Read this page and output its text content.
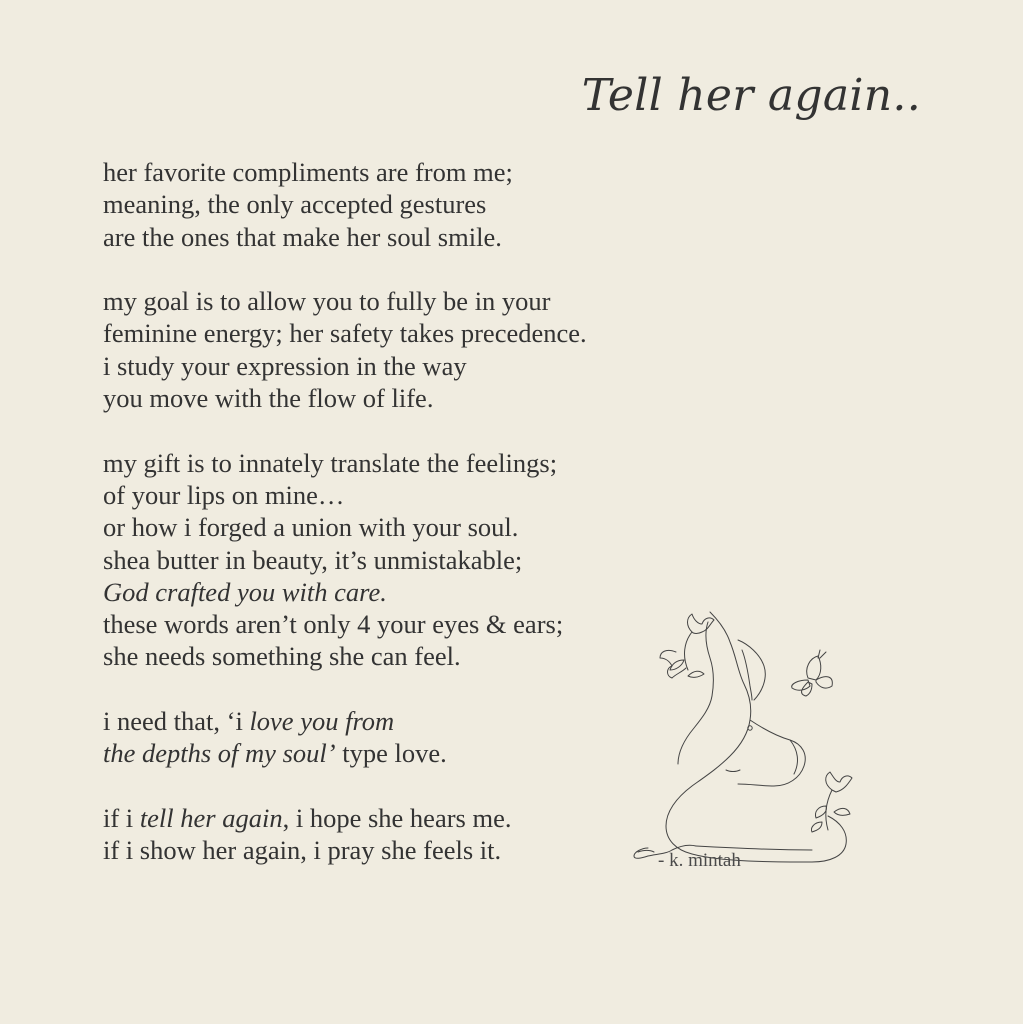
Tell her again..
her favorite compliments are from me;
meaning, the only accepted gestures
are the ones that make her soul smile.
my goal is to allow you to fully be in your
feminine energy; her safety takes precedence.
i study your expression in the way
you move with the flow of life.
my gift is to innately translate the feelings;
of your lips on mine…
or how i forged a union with your soul.
shea butter in beauty, it’s unmistakable;
God crafted you with care.
these words aren’t only 4 your eyes & ears;
she needs something she can feel.
i need that, ‘i love you from
the depths of my soul’ type love.
if i tell her again, i hope she hears me.
if i show her again, i pray she feels it.	- k. mintah
